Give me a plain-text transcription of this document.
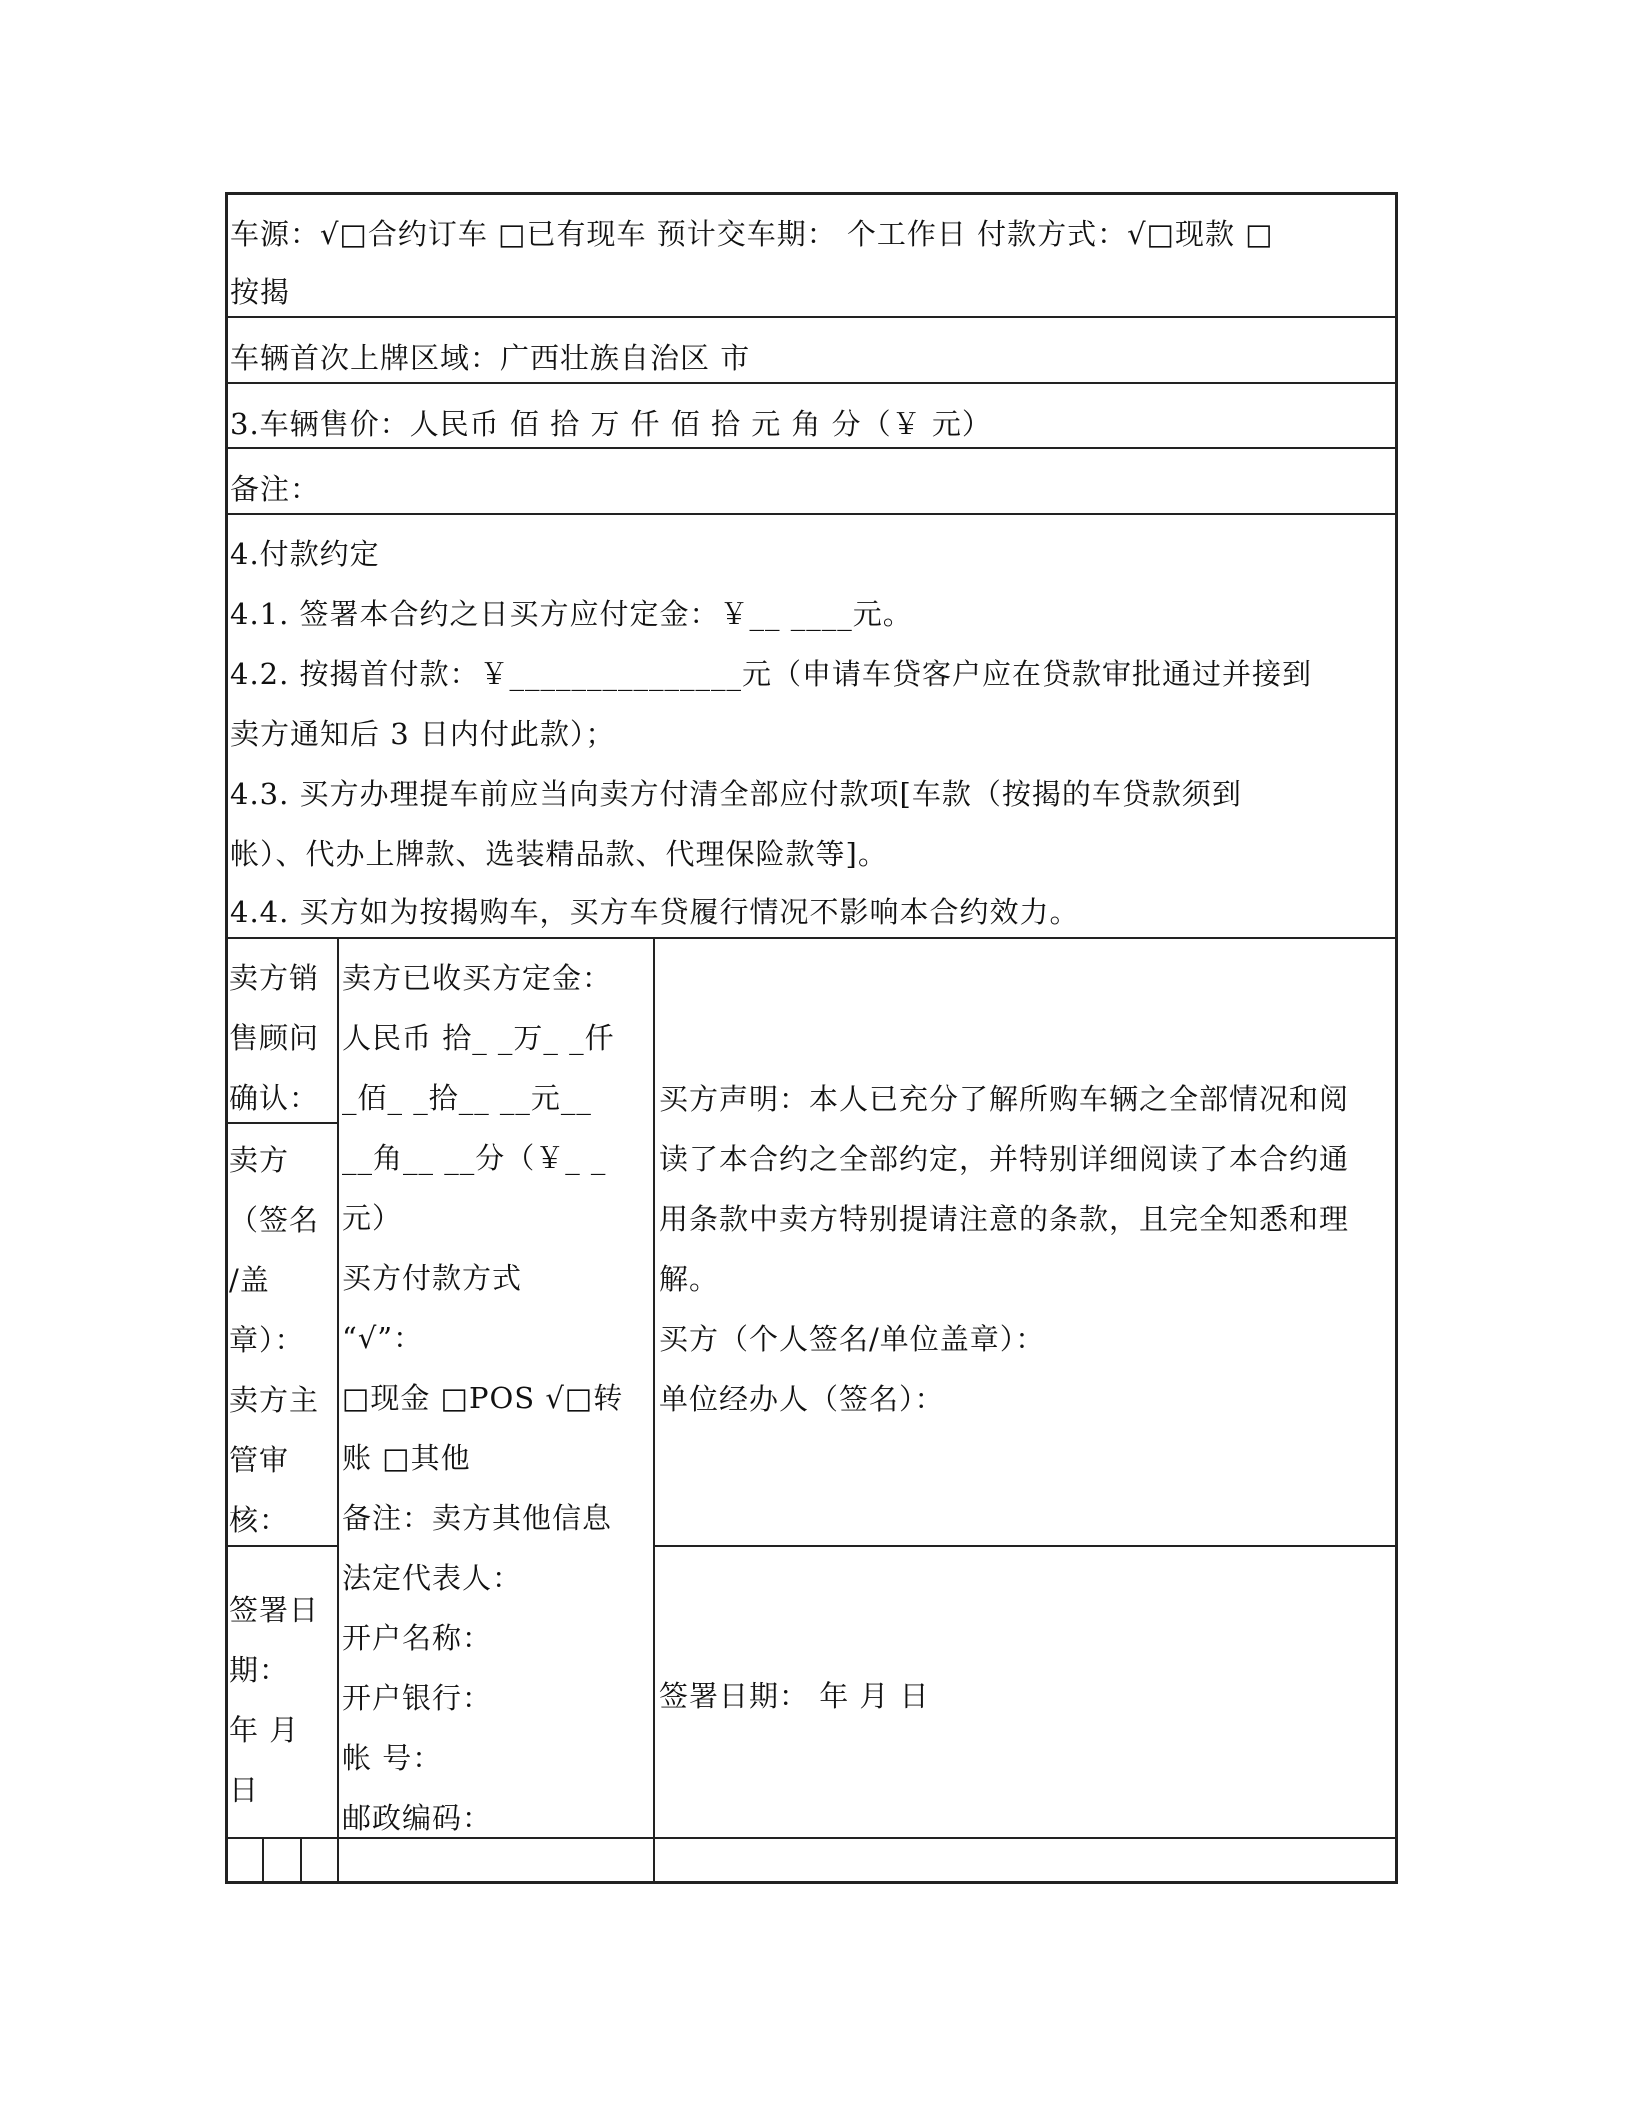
车源：√□合约订车 □已有现车 预计交车期： 个工作日 付款方式：√□现款 □
按揭
车辆首次上牌区域：广西壮族自治区 市
3.车辆售价：人民币 佰 拾 万 仟 佰 拾 元 角 分（￥ 元）
备注：
4.付款约定
4.1. 签署本合约之日买方应付定金：￥__ ____元。
4.2. 按揭首付款：￥_______________元（申请车贷客户应在贷款审批通过并接到
卖方通知后 3 日内付此款）；
4.3. 买方办理提车前应当向卖方付清全部应付款项[车款（按揭的车贷款须到
帐）、代办上牌款、选装精品款、代理保险款等]。
4.4. 买方如为按揭购车，买方车贷履行情况不影响本合约效力。
卖方销
售顾问
确认：
卖方
（签名
/盖
章）：
卖方主
管审
核：
签署日
期：
年 月
日
卖方已收买方定金：
人民币 拾_ _万_ _仟
_佰_ _拾__ __元__
__角__ __分（￥_ _
元）
买方付款方式
“√”：
□现金 □POS √□转
账 □其他
备注：卖方其他信息
法定代表人：
开户名称：
开户银行：
帐 号：
邮政编码：
买方声明：本人已充分了解所购车辆之全部情况和阅
读了本合约之全部约定，并特别详细阅读了本合约通
用条款中卖方特别提请注意的条款，且完全知悉和理
解。
买方（个人签名/单位盖章）：
单位经办人（签名）：
签署日期： 年 月 日
